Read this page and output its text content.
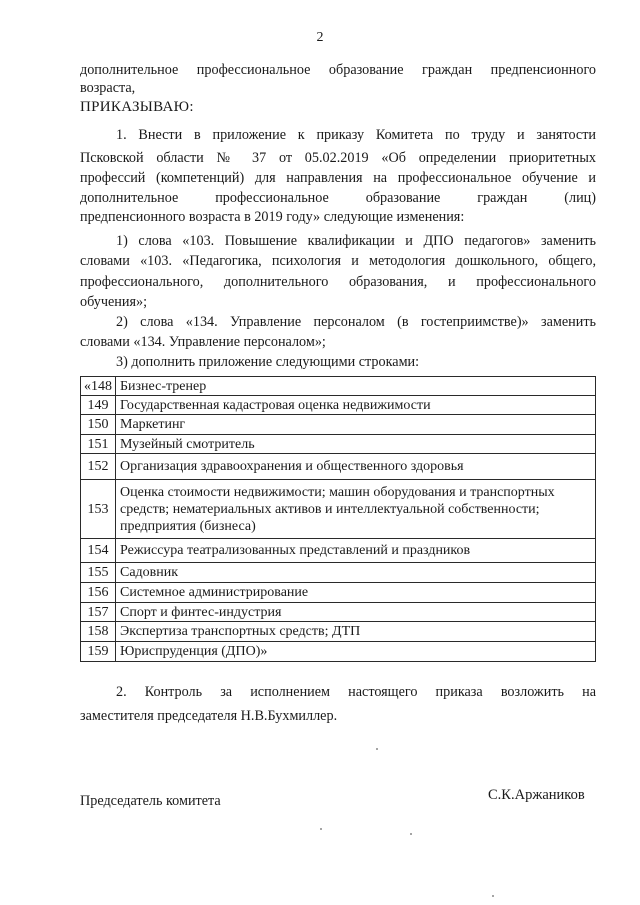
2
дополнительное профессиональное образование граждан предпенсионного
возраста,
ПРИКАЗЫВАЮ:
1. Внести в приложение к приказу Комитета по труду и занятости
Псковской области № 37 от 05.02.2019 «Об определении приоритетных
профессий (компетенций) для направления на профессиональное обучение и
дополнительное профессиональное образование граждан (лиц)
предпенсионного возраста в 2019 году» следующие изменения:
1) слова «103. Повышение квалификации и ДПО педагогов» заменить
словами «103. «Педагогика, психология и методология дошкольного, общего,
профессионального, дополнительного образования, и профессионального
обучения»;
2) слова «134. Управление персоналом (в гостеприимстве)» заменить
словами «134. Управление персоналом»;
3) дополнить приложение следующими строками:
«148	Бизнес-тренер
149	Государственная кадастровая оценка недвижимости
150	Маркетинг
151	Музейный смотритель
152	Организация здравоохранения и общественного здоровья
153	Оценка стоимости недвижимости; машин оборудования и транспортных средств; нематериальных активов и интеллектуальной собственности; предприятия (бизнеса)
154	Режиссура театрализованных представлений и праздников
155	Садовник
156	Системное администрирование
157	Спорт и финтес-индустрия
158	Экспертиза транспортных средств; ДТП
159	Юриспруденция (ДПО)»
2. Контроль за исполнением настоящего приказа возложить на
заместителя председателя Н.В.Бухмиллер.
Председатель комитета	С.К.Аржаников
